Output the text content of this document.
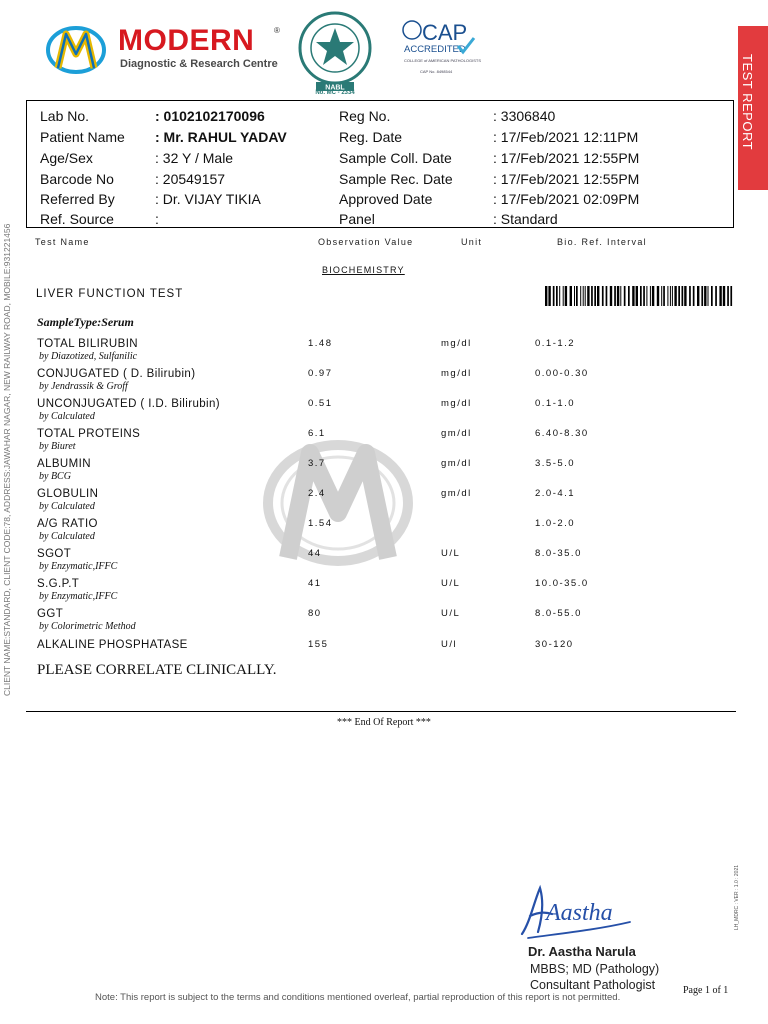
MODERN ®
Diagnostic & Research Centre
NABL
No. MC - 2334
CAP
ACCREDITED
COLLEGE of AMERICAN PATHOLOGISTS
CAP No. 8498544	TEST REPORT
CLIENT NAME:STANDARD, CLIENT CODE:78, ADDRESS:JAWAHAR NAGAR, NEW RAILWAY ROAD, MOBILE:931221456
LH_MDRC : VER : 1.0 : 2021
Lab No.	: 0102102170096
Patient Name : Mr. RAHUL YADAV
Age/Sex	: 32 Y / Male
Barcode No	: 20549157
Referred By	: Dr. VIJAY TIKIA
Ref. Source	:
Reg No.	: 3306840
Reg. Date	: 17/Feb/2021 12:11PM
Sample Coll. Date	: 17/Feb/2021 12:55PM
Sample Rec. Date	: 17/Feb/2021 12:55PM
Approved Date	: 17/Feb/2021 02:09PM
Panel	: Standard
Test Name	Observation Value	Unit	Bio. Ref. Interval
BIOCHEMISTRY
LIVER FUNCTION TEST
SampleType:Serum
TOTAL BILIRUBIN
by Diazotized, Sulfanilic
1.48	mg/dl	0.1-1.2
CONJUGATED ( D. Bilirubin)
by Jendrassik & Groff
0.97	mg/dl	0.00-0.30
UNCONJUGATED ( I.D. Bilirubin)
by Calculated
0.51	mg/dl	0.1-1.0
TOTAL PROTEINS
by Biuret
6.1	gm/dl	6.40-8.30
ALBUMIN
by BCG
3.7	gm/dl	3.5-5.0
GLOBULIN
by Calculated
2.4	gm/dl	2.0-4.1
A/G RATIO
by Calculated
1.54	1.0-2.0
SGOT
by Enzymatic,IFFC
44	U/L	8.0-35.0
S.G.P.T
by Enzymatic,IFFC
41	U/L	10.0-35.0
GGT
by Colorimetric Method
80	U/L	8.0-55.0
ALKALINE PHOSPHATASE	155	U/l	30-120
PLEASE CORRELATE CLINICALLY.
*** End Of Report ***
Aastha
Dr. Aastha Narula
MBBS; MD (Pathology)
Consultant Pathologist
Note: This report is subject to the terms and conditions mentioned overleaf, partial reproduction of this report is not permitted.
Page 1 of 1
